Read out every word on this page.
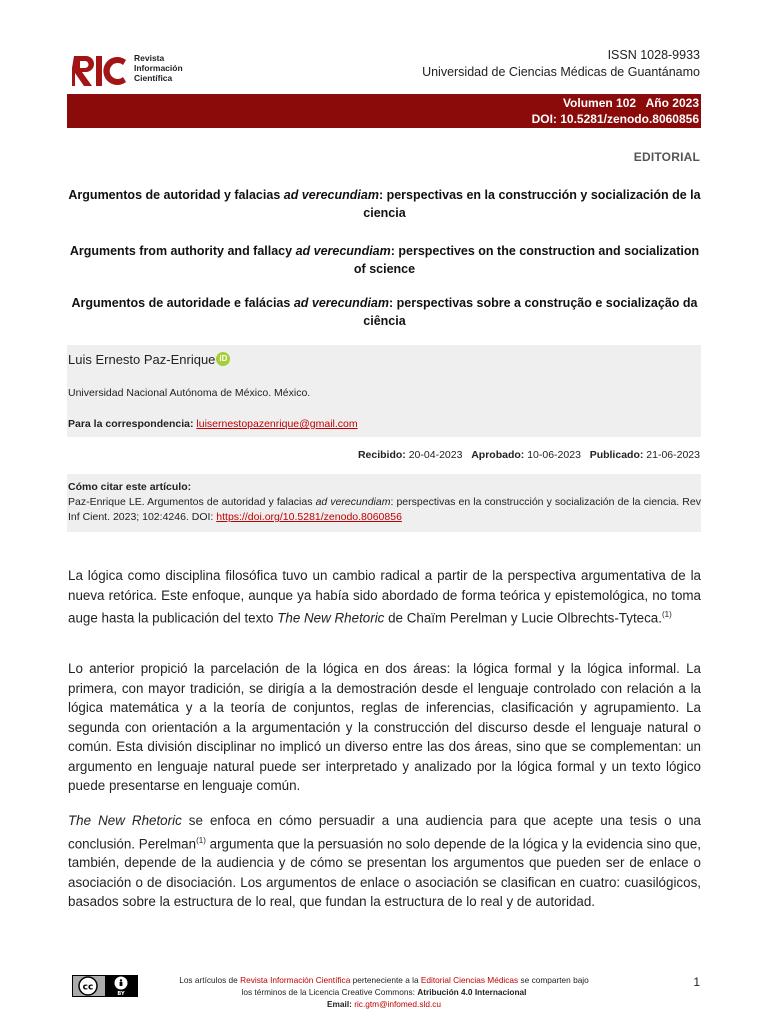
Revista
Información
Científica
ISSN 1028-9933
Universidad de Ciencias Médicas de Guantánamo
Volumen 102   Año 2023
DOI: 10.5281/zenodo.8060856
EDITORIAL
Argumentos de autoridad y falacias ad verecundiam: perspectivas en la construcción y socialización de la ciencia
Arguments from authority and fallacy ad verecundiam: perspectives on the construction and socialization of science
Argumentos de autoridade e falácias ad verecundiam: perspectivas sobre a construção e socialização da ciência
Luis Ernesto Paz-Enrique iD
Universidad Nacional Autónoma de México. México.
Para la correspondencia: luisernestopazenrique@gmail.com
Recibido: 20-04-2023 Aprobado: 10-06-2023 Publicado: 21-06-2023
Cómo citar este artículo:
Paz-Enrique LE. Argumentos de autoridad y falacias ad verecundiam: perspectivas en la construcción y socialización de la ciencia. Rev Inf Cient. 2023; 102:4246. DOI: https://doi.org/10.5281/zenodo.8060856
La lógica como disciplina filosófica tuvo un cambio radical a partir de la perspectiva argumentativa de la nueva retórica. Este enfoque, aunque ya había sido abordado de forma teórica y epistemológica, no toma auge hasta la publicación del texto The New Rhetoric de Chaïm Perelman y Lucie Olbrechts-Tyteca.$^{(1)}$
Lo anterior propició la parcelación de la lógica en dos áreas: la lógica formal y la lógica informal. La primera, con mayor tradición, se dirigía a la demostración desde el lenguaje controlado con relación a la lógica matemática y a la teoría de conjuntos, reglas de inferencias, clasificación y agrupamiento. La segunda con orientación a la argumentación y la construcción del discurso desde el lenguaje natural o común. Esta división disciplinar no implicó un diverso entre las dos áreas, sino que se complementan: un argumento en lenguaje natural puede ser interpretado y analizado por la lógica formal y un texto lógico puede presentarse en lenguaje común.
The New Rhetoric se enfoca en cómo persuadir a una audiencia para que acepte una tesis o una conclusión. Perelman$^{(1)}$ argumenta que la persuasión no solo depende de la lógica y la evidencia sino que, también, depende de la audiencia y de cómo se presentan los argumentos que pueden ser de enlace o asociación o de disociación. Los argumentos de enlace o asociación se clasifican en cuatro: cuasilógicos, basados sobre la estructura de lo real, que fundan la estructura de lo real y de autoridad.
cc
BY
Los artículos de Revista Información Científica perteneciente a la Editorial Ciencias Médicas se comparten bajo
los términos de la Licencia Creative Commons: Atribución 4.0 Internacional
Email: ric.gtm@infomed.sld.cu
1
